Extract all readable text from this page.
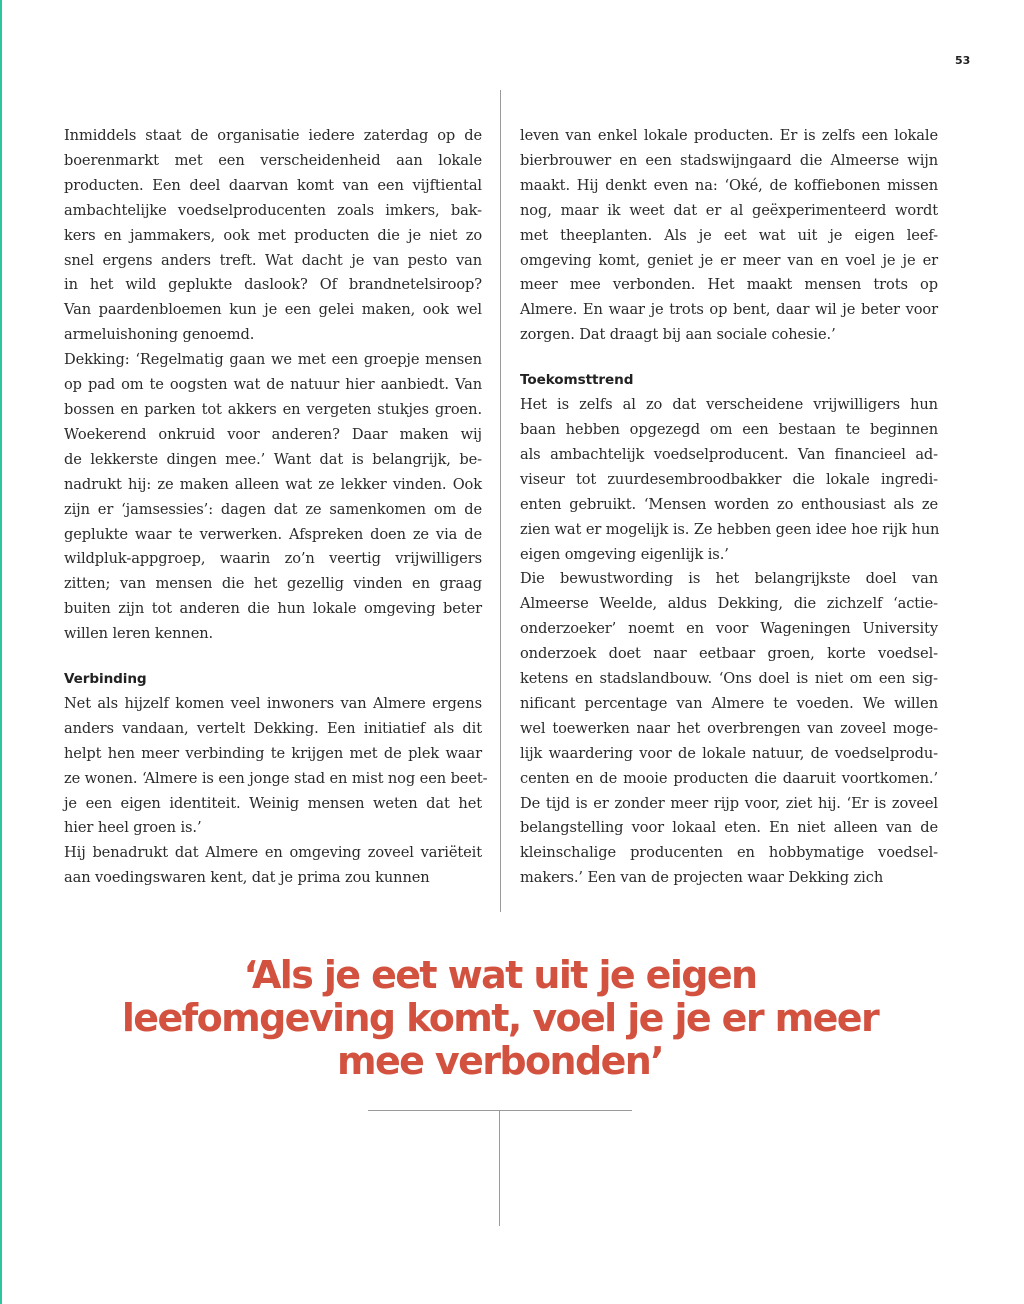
53
Inmiddels staat de organisatie iedere zaterdag op de
boerenmarkt met een verscheidenheid aan lokale
producten. Een deel daarvan komt van een vijftiental
ambachtelijke voedselproducenten zoals imkers, bak-
kers en jammakers, ook met producten die je niet zo
snel ergens anders treft. Wat dacht je van pesto van
in het wild geplukte daslook? Of brandnetelsiroop?
Van paardenbloemen kun je een gelei maken, ook wel
armeluishoning genoemd.
Dekking: ‘Regelmatig gaan we met een groepje mensen
op pad om te oogsten wat de natuur hier aanbiedt. Van
bossen en parken tot akkers en vergeten stukjes groen.
Woekerend onkruid voor anderen? Daar maken wij
de lekkerste dingen mee.’ Want dat is belangrijk, be-
nadrukt hij: ze maken alleen wat ze lekker vinden. Ook
zijn er ‘jamsessies’: dagen dat ze samenkomen om de
geplukte waar te verwerken. Afspreken doen ze via de
wildpluk-appgroep, waarin zo’n veertig vrijwilligers
zitten; van mensen die het gezellig vinden en graag
buiten zijn tot anderen die hun lokale omgeving beter
willen leren kennen.
Verbinding
Net als hijzelf komen veel inwoners van Almere ergens
anders vandaan, vertelt Dekking. Een initiatief als dit
helpt hen meer verbinding te krijgen met de plek waar
ze wonen. ‘Almere is een jonge stad en mist nog een beet-
je een eigen identiteit. Weinig mensen weten dat het
hier heel groen is.’
Hij benadrukt dat Almere en omgeving zoveel variëteit
aan voedingswaren kent, dat je prima zou kunnen
leven van enkel lokale producten. Er is zelfs een lokale
bierbrouwer en een stadswijngaard die Almeerse wijn
maakt. Hij denkt even na: ‘Oké, de koffiebonen missen
nog, maar ik weet dat er al geëxperimenteerd wordt
met theeplanten. Als je eet wat uit je eigen leef-
omgeving komt, geniet je er meer van en voel je je er
meer mee verbonden. Het maakt mensen trots op
Almere. En waar je trots op bent, daar wil je beter voor
zorgen. Dat draagt bij aan sociale cohesie.’
Toekomsttrend
Het is zelfs al zo dat verscheidene vrijwilligers hun
baan hebben opgezegd om een bestaan te beginnen
als ambachtelijk voedselproducent. Van financieel ad-
viseur tot zuurdesembroodbakker die lokale ingredi-
enten gebruikt. ‘Mensen worden zo enthousiast als ze
zien wat er mogelijk is. Ze hebben geen idee hoe rijk hun
eigen omgeving eigenlijk is.’
Die bewustwording is het belangrijkste doel van
Almeerse Weelde, aldus Dekking, die zichzelf ‘actie-
onderzoeker’ noemt en voor Wageningen University
onderzoek doet naar eetbaar groen, korte voedsel-
ketens en stadslandbouw. ‘Ons doel is niet om een sig-
nificant percentage van Almere te voeden. We willen
wel toewerken naar het overbrengen van zoveel moge-
lijk waardering voor de lokale natuur, de voedselprodu-
centen en de mooie producten die daaruit voortkomen.’
De tijd is er zonder meer rijp voor, ziet hij. ‘Er is zoveel
belangstelling voor lokaal eten. En niet alleen van de
kleinschalige producenten en hobbymatige voedsel-
makers.’ Een van de projecten waar Dekking zich
‘Als je eet wat uit je eigen
leefomgeving komt, voel je je er meer
mee verbonden’
